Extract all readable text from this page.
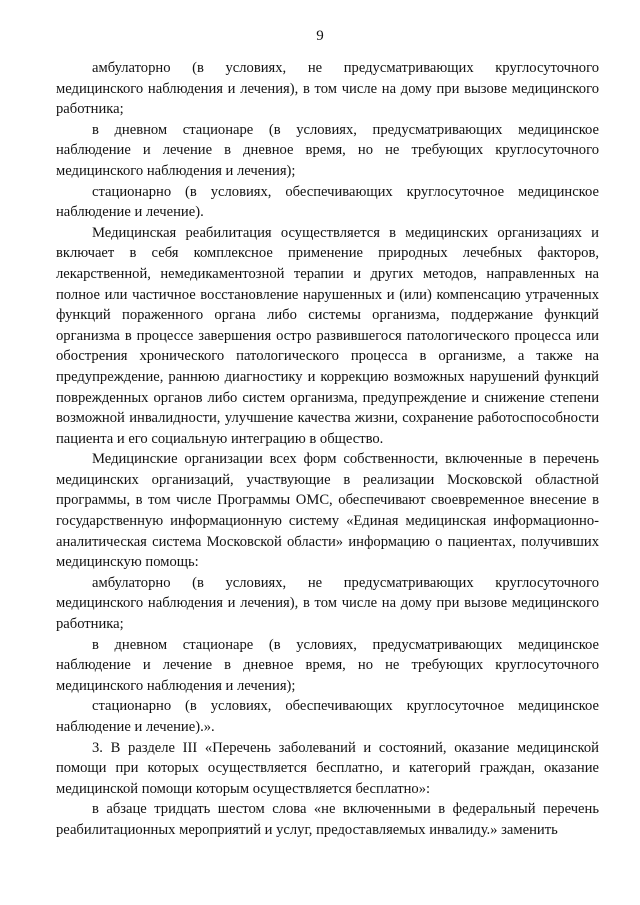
9

амбулаторно (в условиях, не предусматривающих круглосуточного медицинского наблюдения и лечения), в том числе на дому при вызове медицинского работника;

в дневном стационаре (в условиях, предусматривающих медицинское наблюдение и лечение в дневное время, но не требующих круглосуточного медицинского наблюдения и лечения);

стационарно (в условиях, обеспечивающих круглосуточное медицинское наблюдение и лечение).

Медицинская реабилитация осуществляется в медицинских организациях и включает в себя комплексное применение природных лечебных факторов, лекарственной, немедикаментозной терапии и других методов, направленных на полное или частичное восстановление нарушенных и (или) компенсацию утраченных функций пораженного органа либо системы организма, поддержание функций организма в процессе завершения остро развившегося патологического процесса или обострения хронического патологического процесса в организме, а также на предупреждение, раннюю диагностику и коррекцию возможных нарушений функций поврежденных органов либо систем организма, предупреждение и снижение степени возможной инвалидности, улучшение качества жизни, сохранение работоспособности пациента и его социальную интеграцию в общество.

Медицинские организации всех форм собственности, включенные в перечень медицинских организаций, участвующие в реализации Московской областной программы, в том числе Программы ОМС, обеспечивают своевременное внесение в государственную информационную систему «Единая медицинская информационно-аналитическая система Московской области» информацию о пациентах, получивших медицинскую помощь:

амбулаторно (в условиях, не предусматривающих круглосуточного медицинского наблюдения и лечения), в том числе на дому при вызове медицинского работника;

в дневном стационаре (в условиях, предусматривающих медицинское наблюдение и лечение в дневное время, но не требующих круглосуточного медицинского наблюдения и лечения);

стационарно (в условиях, обеспечивающих круглосуточное медицинское наблюдение и лечение).».

3. В разделе III «Перечень заболеваний и состояний, оказание медицинской помощи при которых осуществляется бесплатно, и категорий граждан, оказание медицинской помощи которым осуществляется бесплатно»:

в абзаце тридцать шестом слова «не включенными в федеральный перечень реабилитационных мероприятий и услуг, предоставляемых инвалиду.» заменить
